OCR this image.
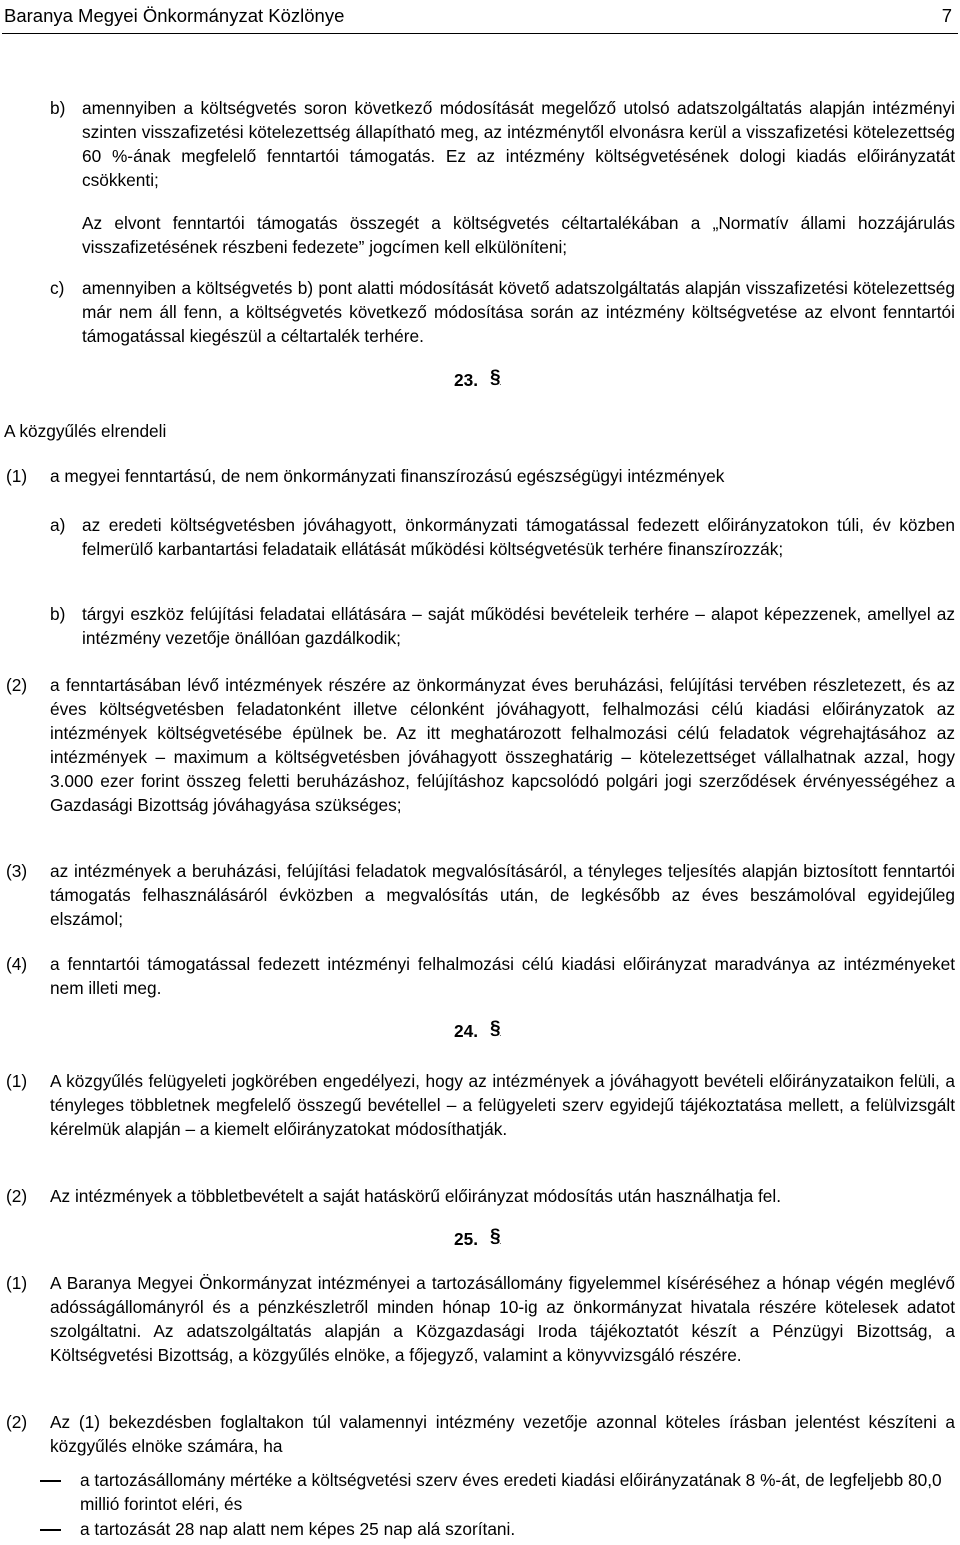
Baranya Megyei Önkormányzat Közlönye	7
b) amennyiben a költségvetés soron következő módosítását megelőző utolsó adatszolgáltatás alapján intézményi szinten visszafizetési kötelezettség állapítható meg, az intézménytől elvonásra kerül a visszafizetési kötelezettség 60 %-ának megfelelő fenntartói támogatás. Ez az intézmény költségvetésének dologi kiadás előirányzatát csökkenti;
Az elvont fenntartói támogatás összegét a költségvetés céltartalékában a „Normatív állami hozzájárulás visszafizetésének részbeni fedezete” jogcímen kell elkülöníteni;
c) amennyiben a költségvetés b) pont alatti módosítását követő adatszolgáltatás alapján visszafizetési kötelezettség már nem áll fenn, a költségvetés következő módosítása során az intézmény költségvetése az elvont fenntartói támogatással kiegészül a céltartalék terhére.
23. §
A közgyűlés elrendeli
(1) a megyei fenntartású, de nem önkormányzati finanszírozású egészségügyi intézmények
a) az eredeti költségvetésben jóváhagyott, önkormányzati támogatással fedezett előirányzatokon túli, év közben felmerülő karbantartási feladataik ellátását működési költségvetésük terhére finanszírozzák;
b) tárgyi eszköz felújítási feladatai ellátására – saját működési bevételeik terhére – alapot képezzenek, amellyel az intézmény vezetője önállóan gazdálkodik;
(2) a fenntartásában lévő intézmények részére az önkormányzat éves beruházási, felújítási tervében részletezett, és az éves költségvetésben feladatonként illetve célonként jóváhagyott, felhalmozási célú kiadási előirányzatok az intézmények költségvetésébe épülnek be. Az itt meghatározott felhalmozási célú feladatok végrehajtásához az intézmények – maximum a költségvetésben jóváhagyott összeghatárig – kötelezettséget vállalhatnak azzal, hogy 3.000 ezer forint összeg feletti beruházáshoz, felújításhoz kapcsolódó polgári jogi szerződések érvényességéhez a Gazdasági Bizottság jóváhagyása szükséges;
(3) az intézmények a beruházási, felújítási feladatok megvalósításáról, a tényleges teljesítés alapján biztosított fenntartói támogatás felhasználásáról évközben a megvalósítás után, de legkésőbb az éves beszámolóval egyidejűleg elszámol;
(4) a fenntartói támogatással fedezett intézményi felhalmozási célú kiadási előirányzat maradványa az intézményeket nem illeti meg.
24. §
(1) A közgyűlés felügyeleti jogkörében engedélyezi, hogy az intézmények a jóváhagyott bevételi előirányzataikon felüli, a tényleges többletnek megfelelő összegű bevétellel – a felügyeleti szerv egyidejű tájékoztatása mellett, a felülvizsgált kérelmük alapján – a kiemelt előirányzatokat módosíthatják.
(2) Az intézmények a többletbevételt a saját hatáskörű előirányzat módosítás után használhatja fel.
25. §
(1) A Baranya Megyei Önkormányzat intézményei a tartozásállomány figyelemmel kíséréséhez a hónap végén meglévő adósságállományról és a pénzkészletről minden hónap 10-ig az önkormányzat hivatala részére kötelesek adatot szolgáltatni. Az adatszolgáltatás alapján a Közgazdasági Iroda tájékoztatót készít a Pénzügyi Bizottság, a Költségvetési Bizottság, a közgyűlés elnöke, a főjegyző, valamint a könyvvizsgáló részére.
(2) Az (1) bekezdésben foglaltakon túl valamennyi intézmény vezetője azonnal köteles írásban jelentést készíteni a közgyűlés elnöke számára, ha
a tartozásállomány mértéke a költségvetési szerv éves eredeti kiadási előirányzatának 8 %-át, de legfeljebb 80,0 millió forintot eléri, és
a tartozását 28 nap alatt nem képes 25 nap alá szorítani.
